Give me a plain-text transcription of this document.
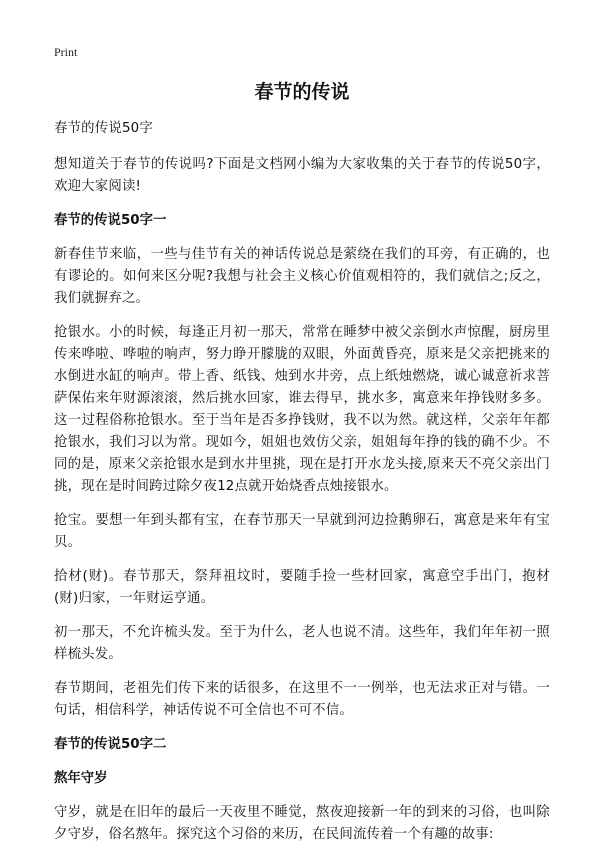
Print
春节的传说

春节的传说50字

想知道关于春节的传说吗?下面是文档网小编为大家收集的关于春节的传说50字，欢迎大家阅读!

春节的传说50字一

新春佳节来临，一些与佳节有关的神话传说总是萦绕在我们的耳旁，有正确的，也有谬论的。如何来区分呢?我想与社会主义核心价值观相符的，我们就信之;反之，我们就摒弃之。

抢银水。小的时候，每逢正月初一那天，常常在睡梦中被父亲倒水声惊醒，厨房里传来哗啦、哗啦的响声，努力睁开朦胧的双眼，外面黄昏亮，原来是父亲把挑来的水倒进水缸的响声。带上香、纸钱、烛到水井旁，点上纸烛燃烧，诚心诚意祈求菩萨保佑来年财源滚滚，然后挑水回家，谁去得早，挑水多，寓意来年挣钱财多多。这一过程俗称抢银水。至于当年是否多挣钱财，我不以为然。就这样，父亲年年都抢银水，我们习以为常。现如今，姐姐也效仿父亲，姐姐每年挣的钱的确不少。不同的是，原来父亲抢银水是到水井里挑，现在是打开水龙头接,原来天不亮父亲出门挑，现在是时间跨过除夕夜12点就开始烧香点烛接银水。

抢宝。要想一年到头都有宝，在春节那天一早就到河边捡鹅卵石，寓意是来年有宝贝。

拾材(财)。春节那天，祭拜祖坟时，要随手捡一些材回家，寓意空手出门，抱材(财)归家，一年财运亨通。

初一那天，不允许梳头发。至于为什么，老人也说不清。这些年，我们年年初一照样梳头发。

春节期间，老祖先们传下来的话很多，在这里不一一例举，也无法求正对与错。一句话，相信科学，神话传说不可全信也不可不信。

春节的传说50字二
熬年守岁

守岁，就是在旧年的最后一天夜里不睡觉，熬夜迎接新一年的到来的习俗，也叫除夕守岁，俗名熬年。探究这个习俗的来历，在民间流传着一个有趣的故事:
